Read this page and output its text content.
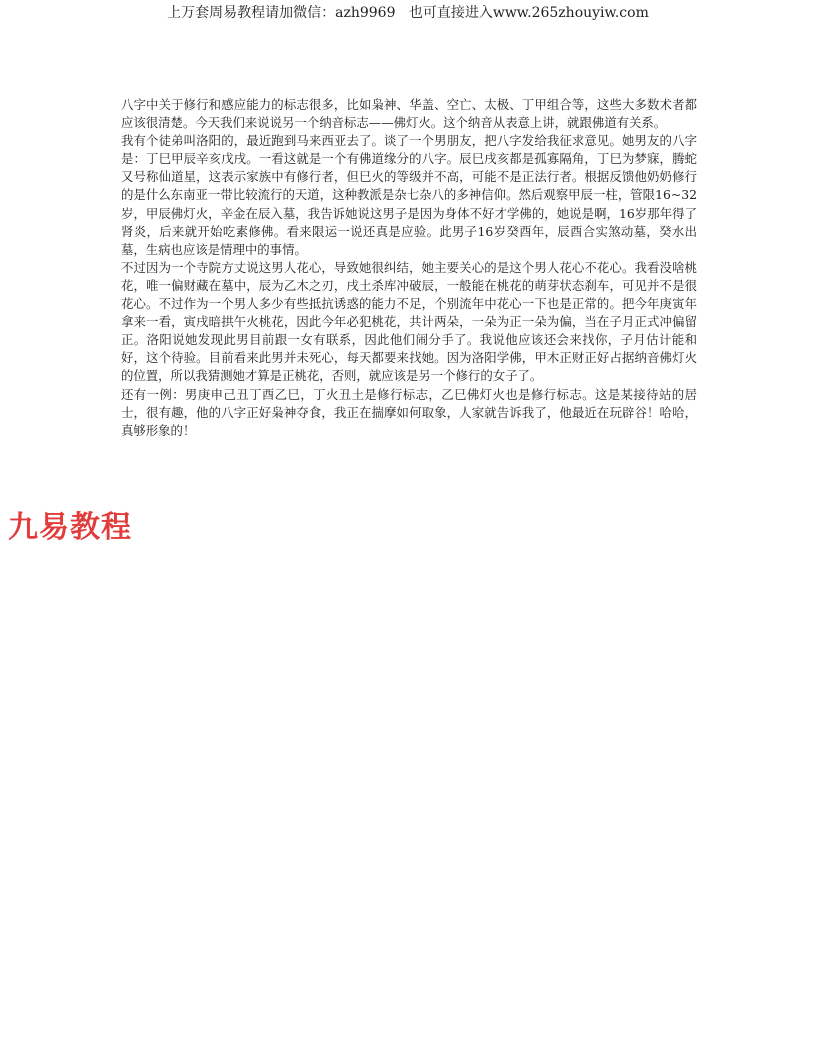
上万套周易教程请加微信：azh9969   也可直接进入www.265zhouyiw.com

八字中关于修行和感应能力的标志很多，比如枭神、华盖、空亡、太极、丁甲组合等，这些大多数术者都应该很清楚。今天我们来说说另一个纳音标志——佛灯火。这个纳音从表意上讲，就跟佛道有关系。

我有个徒弟叫洛阳的，最近跑到马来西亚去了。谈了一个男朋友，把八字发给我征求意见。她男友的八字是：丁巳甲辰辛亥戊戌。一看这就是一个有佛道缘分的八字。辰巳戌亥都是孤寡隔角，丁巳为梦寐，腾蛇又号称仙道星，这表示家族中有修行者，但巳火的等级并不高，可能不是正法行者。根据反馈他奶奶修行的是什么东南亚一带比较流行的天道，这种教派是杂七杂八的多神信仰。然后观察甲辰一柱，管限16~32岁，甲辰佛灯火，辛金在辰入墓，我告诉她说这男子是因为身体不好才学佛的，她说是啊，16岁那年得了肾炎，后来就开始吃素修佛。看来限运一说还真是应验。此男子16岁癸酉年，辰酉合实煞动墓，癸水出墓，生病也应该是情理中的事情。

不过因为一个寺院方丈说这男人花心，导致她很纠结，她主要关心的是这个男人花心不花心。我看没啥桃花，唯一偏财藏在墓中，辰为乙木之刃，戌土杀库冲破辰，一般能在桃花的萌芽状态刹车，可见并不是很花心。不过作为一个男人多少有些抵抗诱惑的能力不足，个别流年中花心一下也是正常的。把今年庚寅年拿来一看，寅戌暗拱午火桃花，因此今年必犯桃花，共计两朵，一朵为正一朵为偏，当在子月正式冲偏留正。洛阳说她发现此男目前跟一女有联系，因此他们闹分手了。我说他应该还会来找你，子月估计能和好，这个待验。目前看来此男并未死心，每天都要来找她。因为洛阳学佛，甲木正财正好占据纳音佛灯火的位置，所以我猜测她才算是正桃花，否则，就应该是另一个修行的女子了。

还有一例：男庚申己丑丁酉乙巳，丁火丑土是修行标志，乙巳佛灯火也是修行标志。这是某接待站的居士，很有趣，他的八字正好枭神夺食，我正在揣摩如何取象，人家就告诉我了，他最近在玩辟谷！哈哈，真够形象的！

九易教程
